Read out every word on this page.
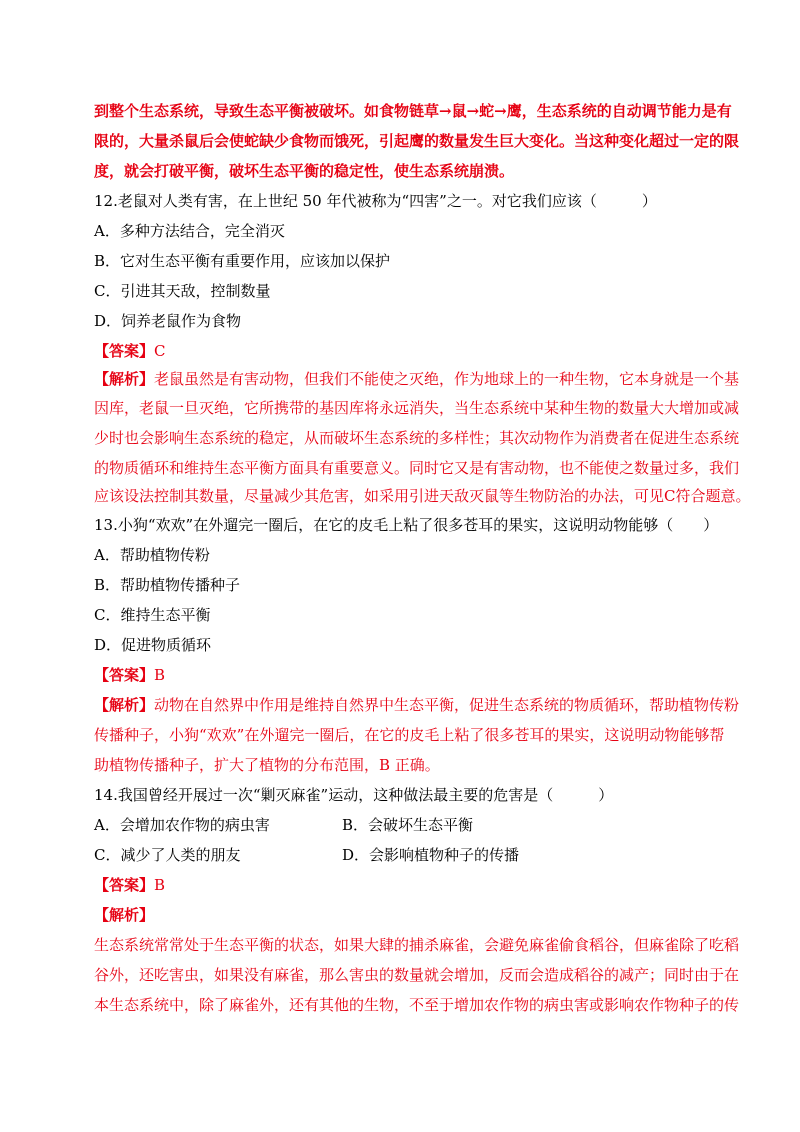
到整个生态系统，导致生态平衡被破坏。如食物链草→鼠→蛇→鹰，生态系统的自动调节能力是有
限的，大量杀鼠后会使蛇缺少食物而饿死，引起鹰的数量发生巨大变化。当这种变化超过一定的限
度，就会打破平衡，破坏生态平衡的稳定性，使生态系统崩溃。
12.老鼠对人类有害，在上世纪 50 年代被称为“四害”之一。对它我们应该（　　　）
A．多种方法结合，完全消灭
B．它对生态平衡有重要作用，应该加以保护
C．引进其天敌，控制数量
D．饲养老鼠作为食物
【答案】C
【解析】老鼠虽然是有害动物，但我们不能使之灭绝，作为地球上的一种生物，它本身就是一个基
因库，老鼠一旦灭绝，它所携带的基因库将永远消失，当生态系统中某种生物的数量大大增加或减
少时也会影响生态系统的稳定，从而破坏生态系统的多样性；其次动物作为消费者在促进生态系统
的物质循环和维持生态平衡方面具有重要意义。同时它又是有害动物，也不能使之数量过多，我们
应该设法控制其数量，尽量减少其危害，如采用引进天敌灭鼠等生物防治的办法，可见C符合题意。
13.小狗“欢欢”在外遛完一圈后，在它的皮毛上粘了很多苍耳的果实，这说明动物能够（　　）
A．帮助植物传粉
B．帮助植物传播种子
C．维持生态平衡
D．促进物质循环
【答案】B
【解析】动物在自然界中作用是维持自然界中生态平衡，促进生态系统的物质循环，帮助植物传粉
传播种子，小狗“欢欢”在外遛完一圈后，在它的皮毛上粘了很多苍耳的果实，这说明动物能够帮
助植物传播种子，扩大了植物的分布范围，B 正确。
14.我国曾经开展过一次“剿灭麻雀”运动，这种做法最主要的危害是（　　　）
A．会增加农作物的病虫害	B．会破坏生态平衡
C．减少了人类的朋友	D．会影响植物种子的传播
【答案】B
【解析】
生态系统常常处于生态平衡的状态，如果大肆的捕杀麻雀，会避免麻雀偷食稻谷，但麻雀除了吃稻
谷外，还吃害虫，如果没有麻雀，那么害虫的数量就会增加，反而会造成稻谷的减产；同时由于在
本生态系统中，除了麻雀外，还有其他的生物，不至于增加农作物的病虫害或影响农作物种子的传
